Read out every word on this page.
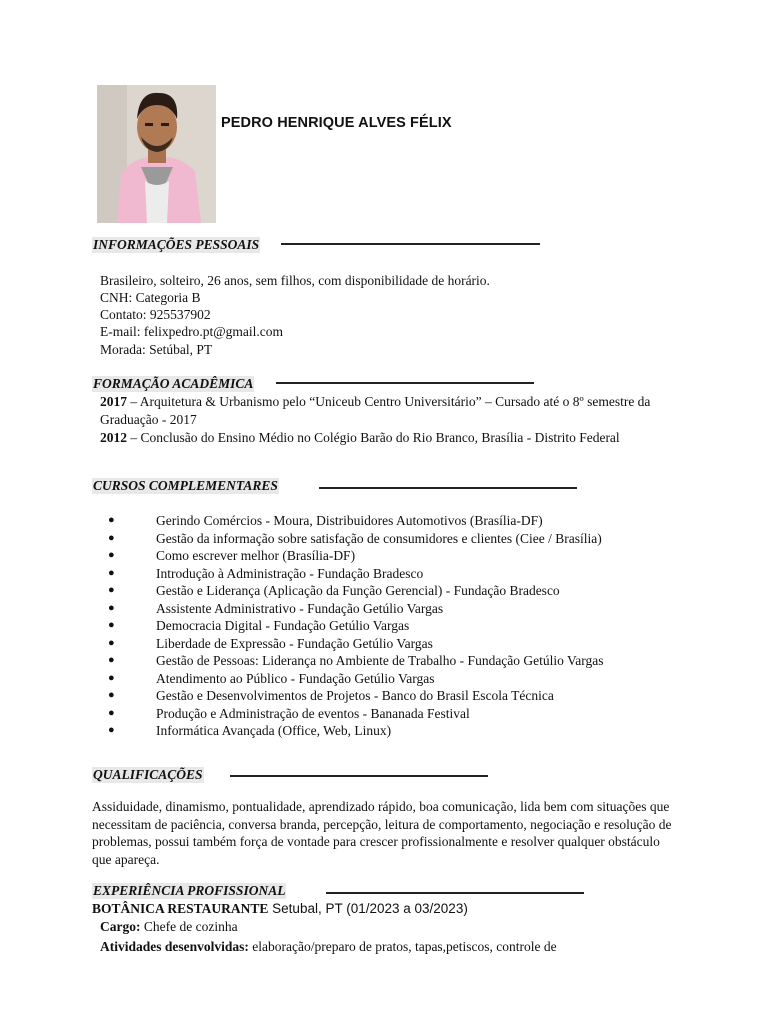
PEDRO HENRIQUE ALVES FÉLIX
INFORMAÇÕES PESSOAIS
Brasileiro, solteiro, 26 anos, sem filhos, com disponibilidade de horário.
CNH: Categoria B
Contato: 925537902
E-mail: felixpedro.pt@gmail.com
Morada: Setúbal, PT
FORMAÇÃO ACADÊMICA
2017 – Arquitetura & Urbanismo pelo “Uniceub Centro Universitário” – Cursado até o 8º semestre da Graduação - 2017
2012 – Conclusão do Ensino Médio no Colégio Barão do Rio Branco, Brasília - Distrito Federal
CURSOS COMPLEMENTARES
●	Gerindo Comércios - Moura, Distribuidores Automotivos (Brasília-DF)
●	Gestão da informação sobre satisfação de consumidores e clientes (Ciee / Brasília)
●	Como escrever melhor (Brasília-DF)
●	Introdução à Administração - Fundação Bradesco
●	Gestão e Liderança (Aplicação da Função Gerencial) - Fundação Bradesco
●	Assistente Administrativo - Fundação Getúlio Vargas
●	Democracia Digital - Fundação Getúlio Vargas
●	Liberdade de Expressão - Fundação Getúlio Vargas
●	Gestão de Pessoas: Liderança no Ambiente de Trabalho - Fundação Getúlio Vargas
●	Atendimento ao Público - Fundação Getúlio Vargas
●	Gestão e Desenvolvimentos de Projetos - Banco do Brasil Escola Técnica
●	Produção e Administração de eventos - Bananada Festival
●	Informática Avançada (Office, Web, Linux)
QUALIFICAÇÕES
Assiduidade, dinamismo, pontualidade, aprendizado rápido, boa comunicação, lida bem com situações que necessitam de paciência, conversa branda, percepção, leitura de comportamento, negociação e resolução de problemas, possui também força de vontade para crescer profissionalmente e resolver qualquer obstáculo que apareça.
EXPERIÊNCIA PROFISSIONAL
BOTÂNICA RESTAURANTE Setubal, PT (01/2023 a 03/2023)
Cargo: Chefe de cozinha
Atividades desenvolvidas: elaboração/preparo de pratos, tapas,petiscos, controle de
